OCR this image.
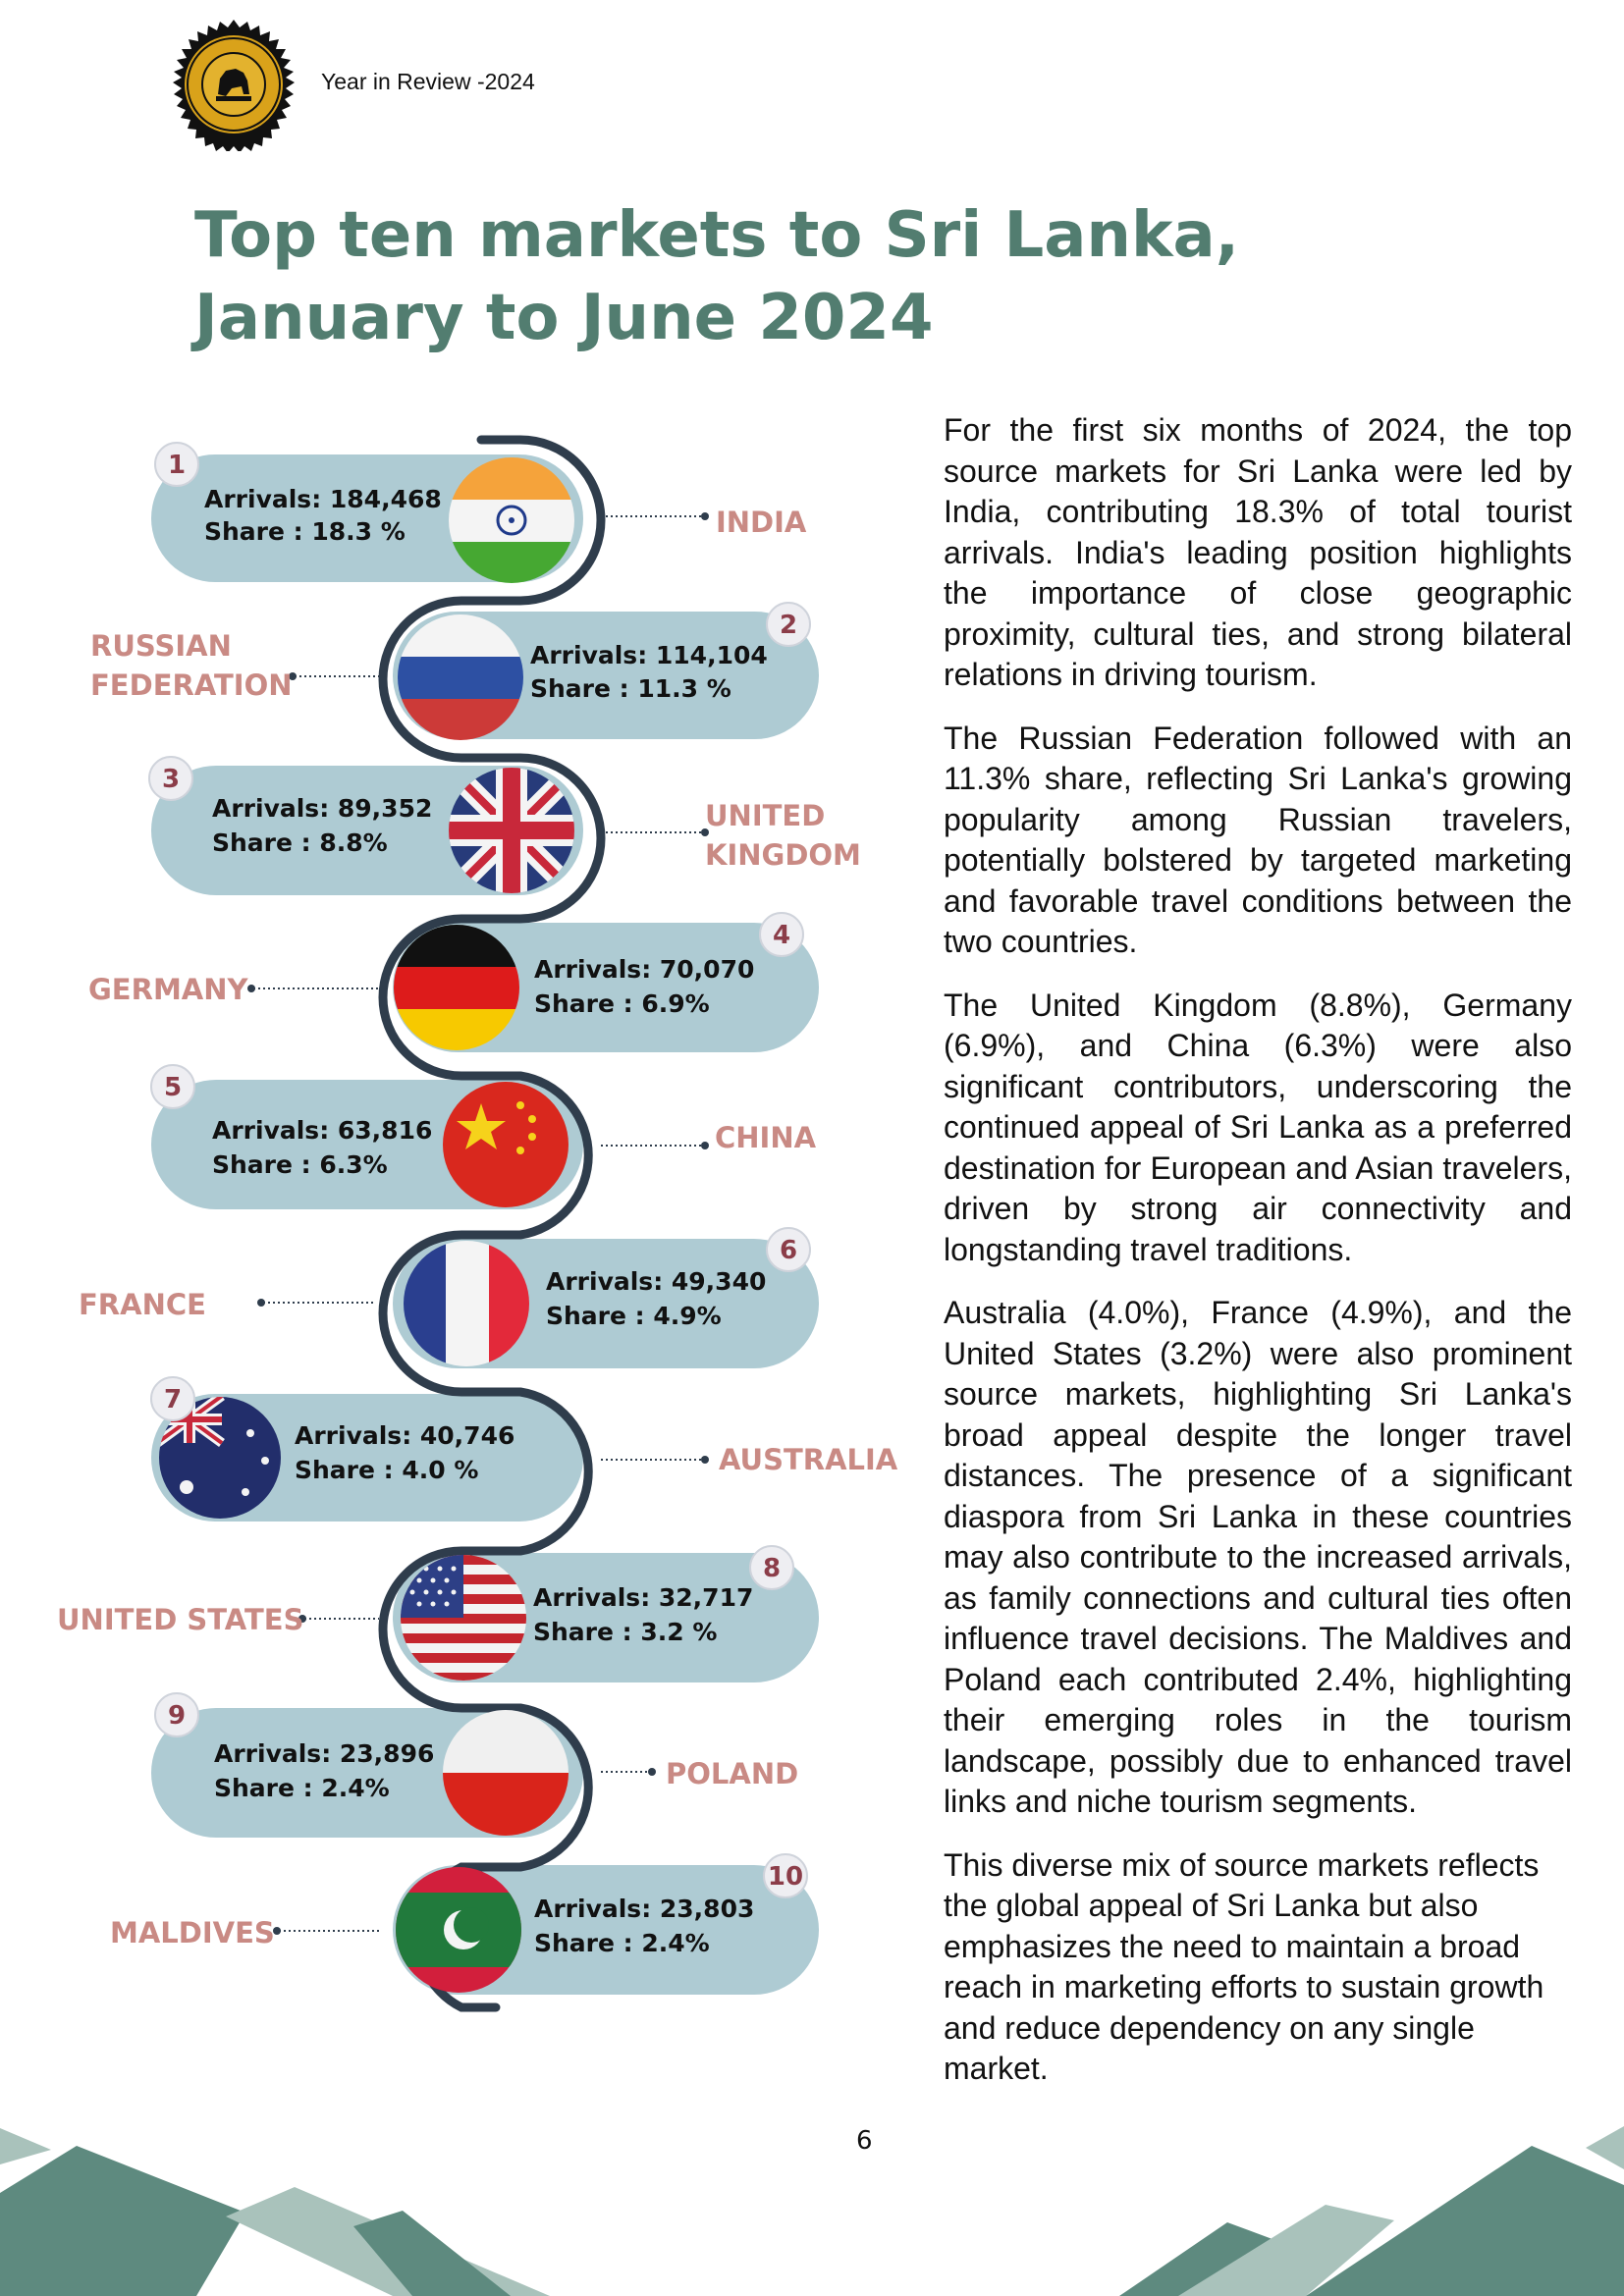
Year in Review -2024
Top ten markets to Sri Lanka,
January to June 2024
1
2
3
4
5
6
7
8
9
10
Arrivals: 184,468
Share : 18.3 %
Arrivals: 114,104
Share : 11.3 %
Arrivals: 89,352
Share : 8.8%
Arrivals: 70,070
Share : 6.9%
Arrivals: 63,816
Share : 6.3%
Arrivals: 49,340
Share : 4.9%
Arrivals: 40,746
Share : 4.0 %
Arrivals: 32,717
Share : 3.2 %
Arrivals: 23,896
Share : 2.4%
Arrivals: 23,803
Share : 2.4%
INDIA
RUSSIAN
FEDERATION
UNITED
KINGDOM
GERMANY
CHINA
FRANCE
AUSTRALIA
UNITED STATES
POLAND
MALDIVES

For the first six months of 2024, the top source markets for Sri Lanka were led by India, contributing 18.3% of total tourist arrivals. India's leading position highlights the importance of close geographic proximity, cultural ties, and strong bilateral relations in driving tourism.

The Russian Federation followed with an 11.3% share, reflecting Sri Lanka's growing popularity among Russian travelers, potentially bolstered by targeted marketing and favorable travel conditions between the two countries.

The United Kingdom (8.8%), Germany (6.9%), and China (6.3%) were also significant contributors, underscoring the continued appeal of Sri Lanka as a preferred destination for European and Asian travelers, driven by strong air connectivity and longstanding travel traditions.

Australia (4.0%), France (4.9%), and the United States (3.2%) were also prominent source markets, highlighting Sri Lanka's broad appeal despite the longer travel distances. The presence of a significant diaspora from Sri Lanka in these countries may also contribute to the increased arrivals, as family connections and cultural ties often influence travel decisions. The Maldives and Poland each contributed 2.4%, highlighting their emerging roles in the tourism landscape, possibly due to enhanced travel links and niche tourism segments.

This diverse mix of source markets reflects the global appeal of Sri Lanka but also emphasizes the need to maintain a broad reach in marketing efforts to sustain growth and reduce dependency on any single market.

6
